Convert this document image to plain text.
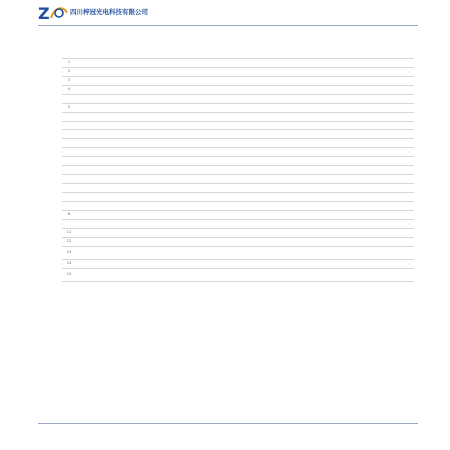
Z	四川梓冠光电科技有限公司

1						
2						
3						
4						

5						

6						

11						
12						
13						
14						
15						
